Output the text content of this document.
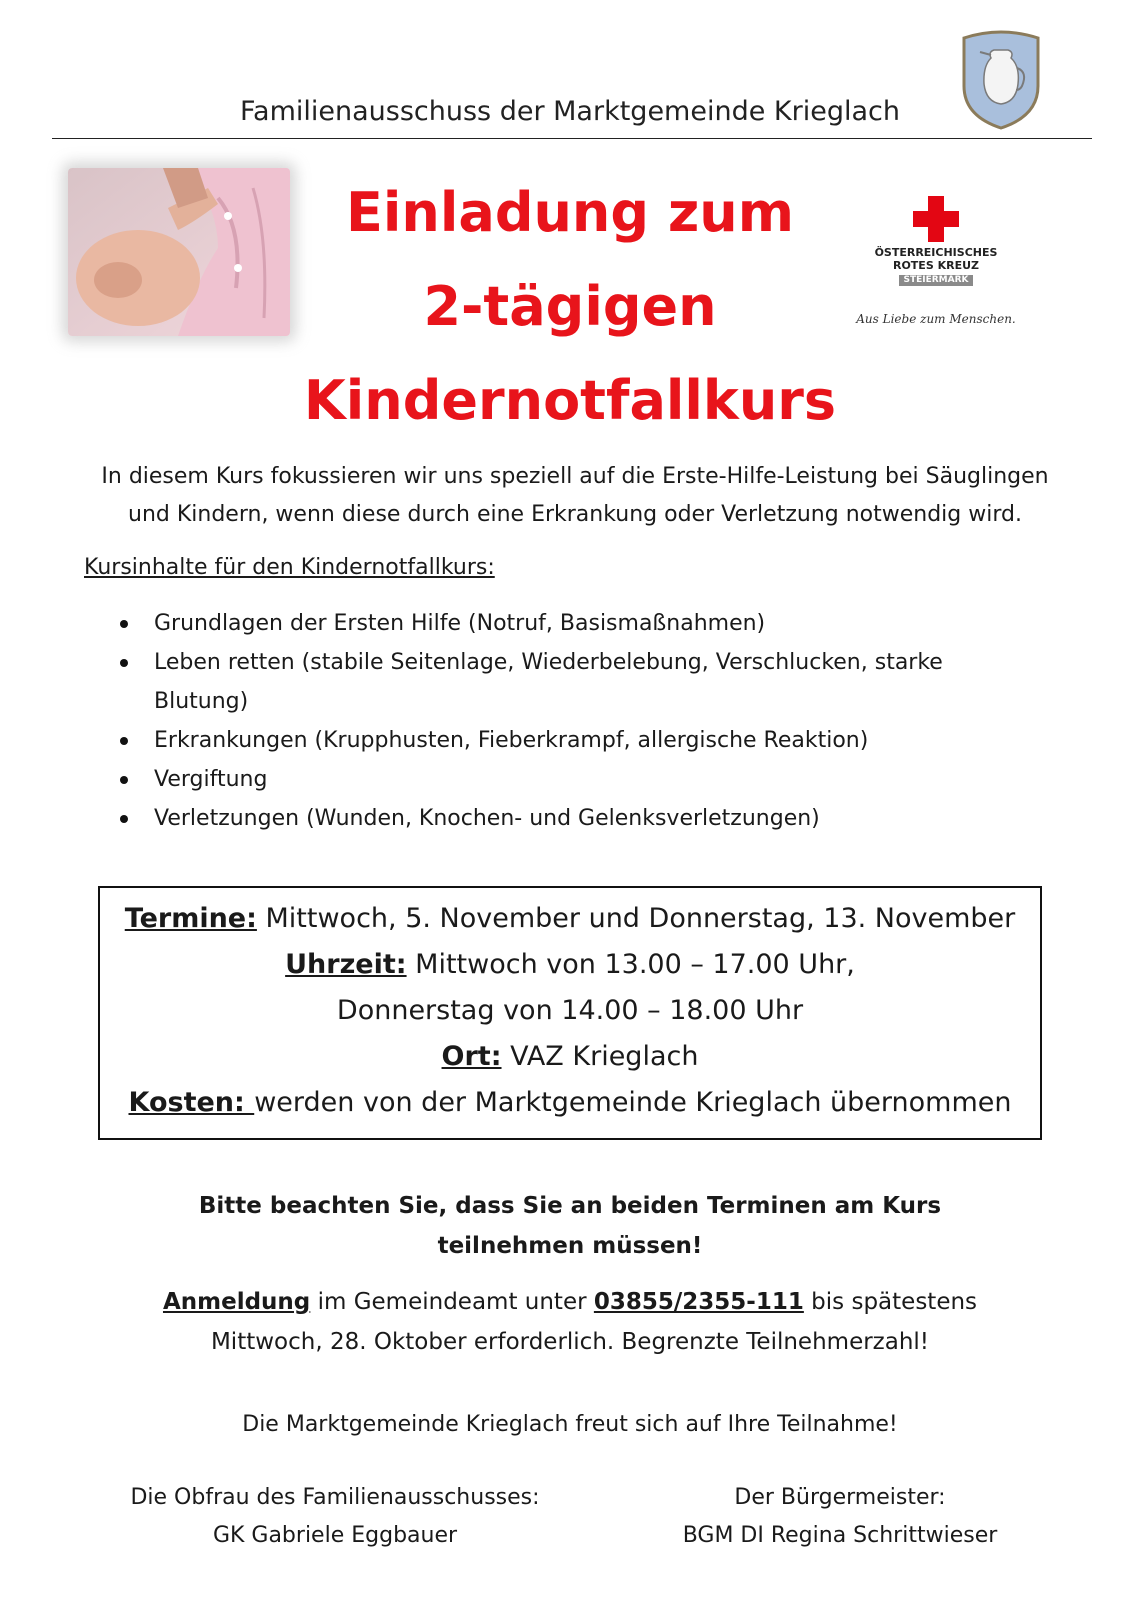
Familienausschuss der Marktgemeinde Krieglach
Einladung zum
2-tägigen
Kindernotfallkurs
ÖSTERREICHISCHES
ROTES KREUZ
STEIERMARK
Aus Liebe zum Menschen.
In diesem Kurs fokussieren wir uns speziell auf die Erste-Hilfe-Leistung bei Säuglingen und Kindern, wenn diese durch eine Erkrankung oder Verletzung notwendig wird.
Kursinhalte für den Kindernotfallkurs:
Grundlagen der Ersten Hilfe (Notruf, Basismaßnahmen)
Leben retten (stabile Seitenlage, Wiederbelebung, Verschlucken, starke Blutung)
Erkrankungen (Krupphusten, Fieberkrampf, allergische Reaktion)
Vergiftung
Verletzungen (Wunden, Knochen- und Gelenksverletzungen)
Termine: Mittwoch, 5. November und Donnerstag, 13. November
Uhrzeit: Mittwoch von 13.00 – 17.00 Uhr,
Donnerstag von 14.00 – 18.00 Uhr
Ort: VAZ Krieglach
Kosten: werden von der Marktgemeinde Krieglach übernommen
Bitte beachten Sie, dass Sie an beiden Terminen am Kurs teilnehmen müssen!
Anmeldung im Gemeindeamt unter 03855/2355-111 bis spätestens Mittwoch, 28. Oktober erforderlich. Begrenzte Teilnehmerzahl!
Die Marktgemeinde Krieglach freut sich auf Ihre Teilnahme!
Die Obfrau des Familienausschusses:
GK Gabriele Eggbauer
Der Bürgermeister:
BGM DI Regina Schrittwieser
